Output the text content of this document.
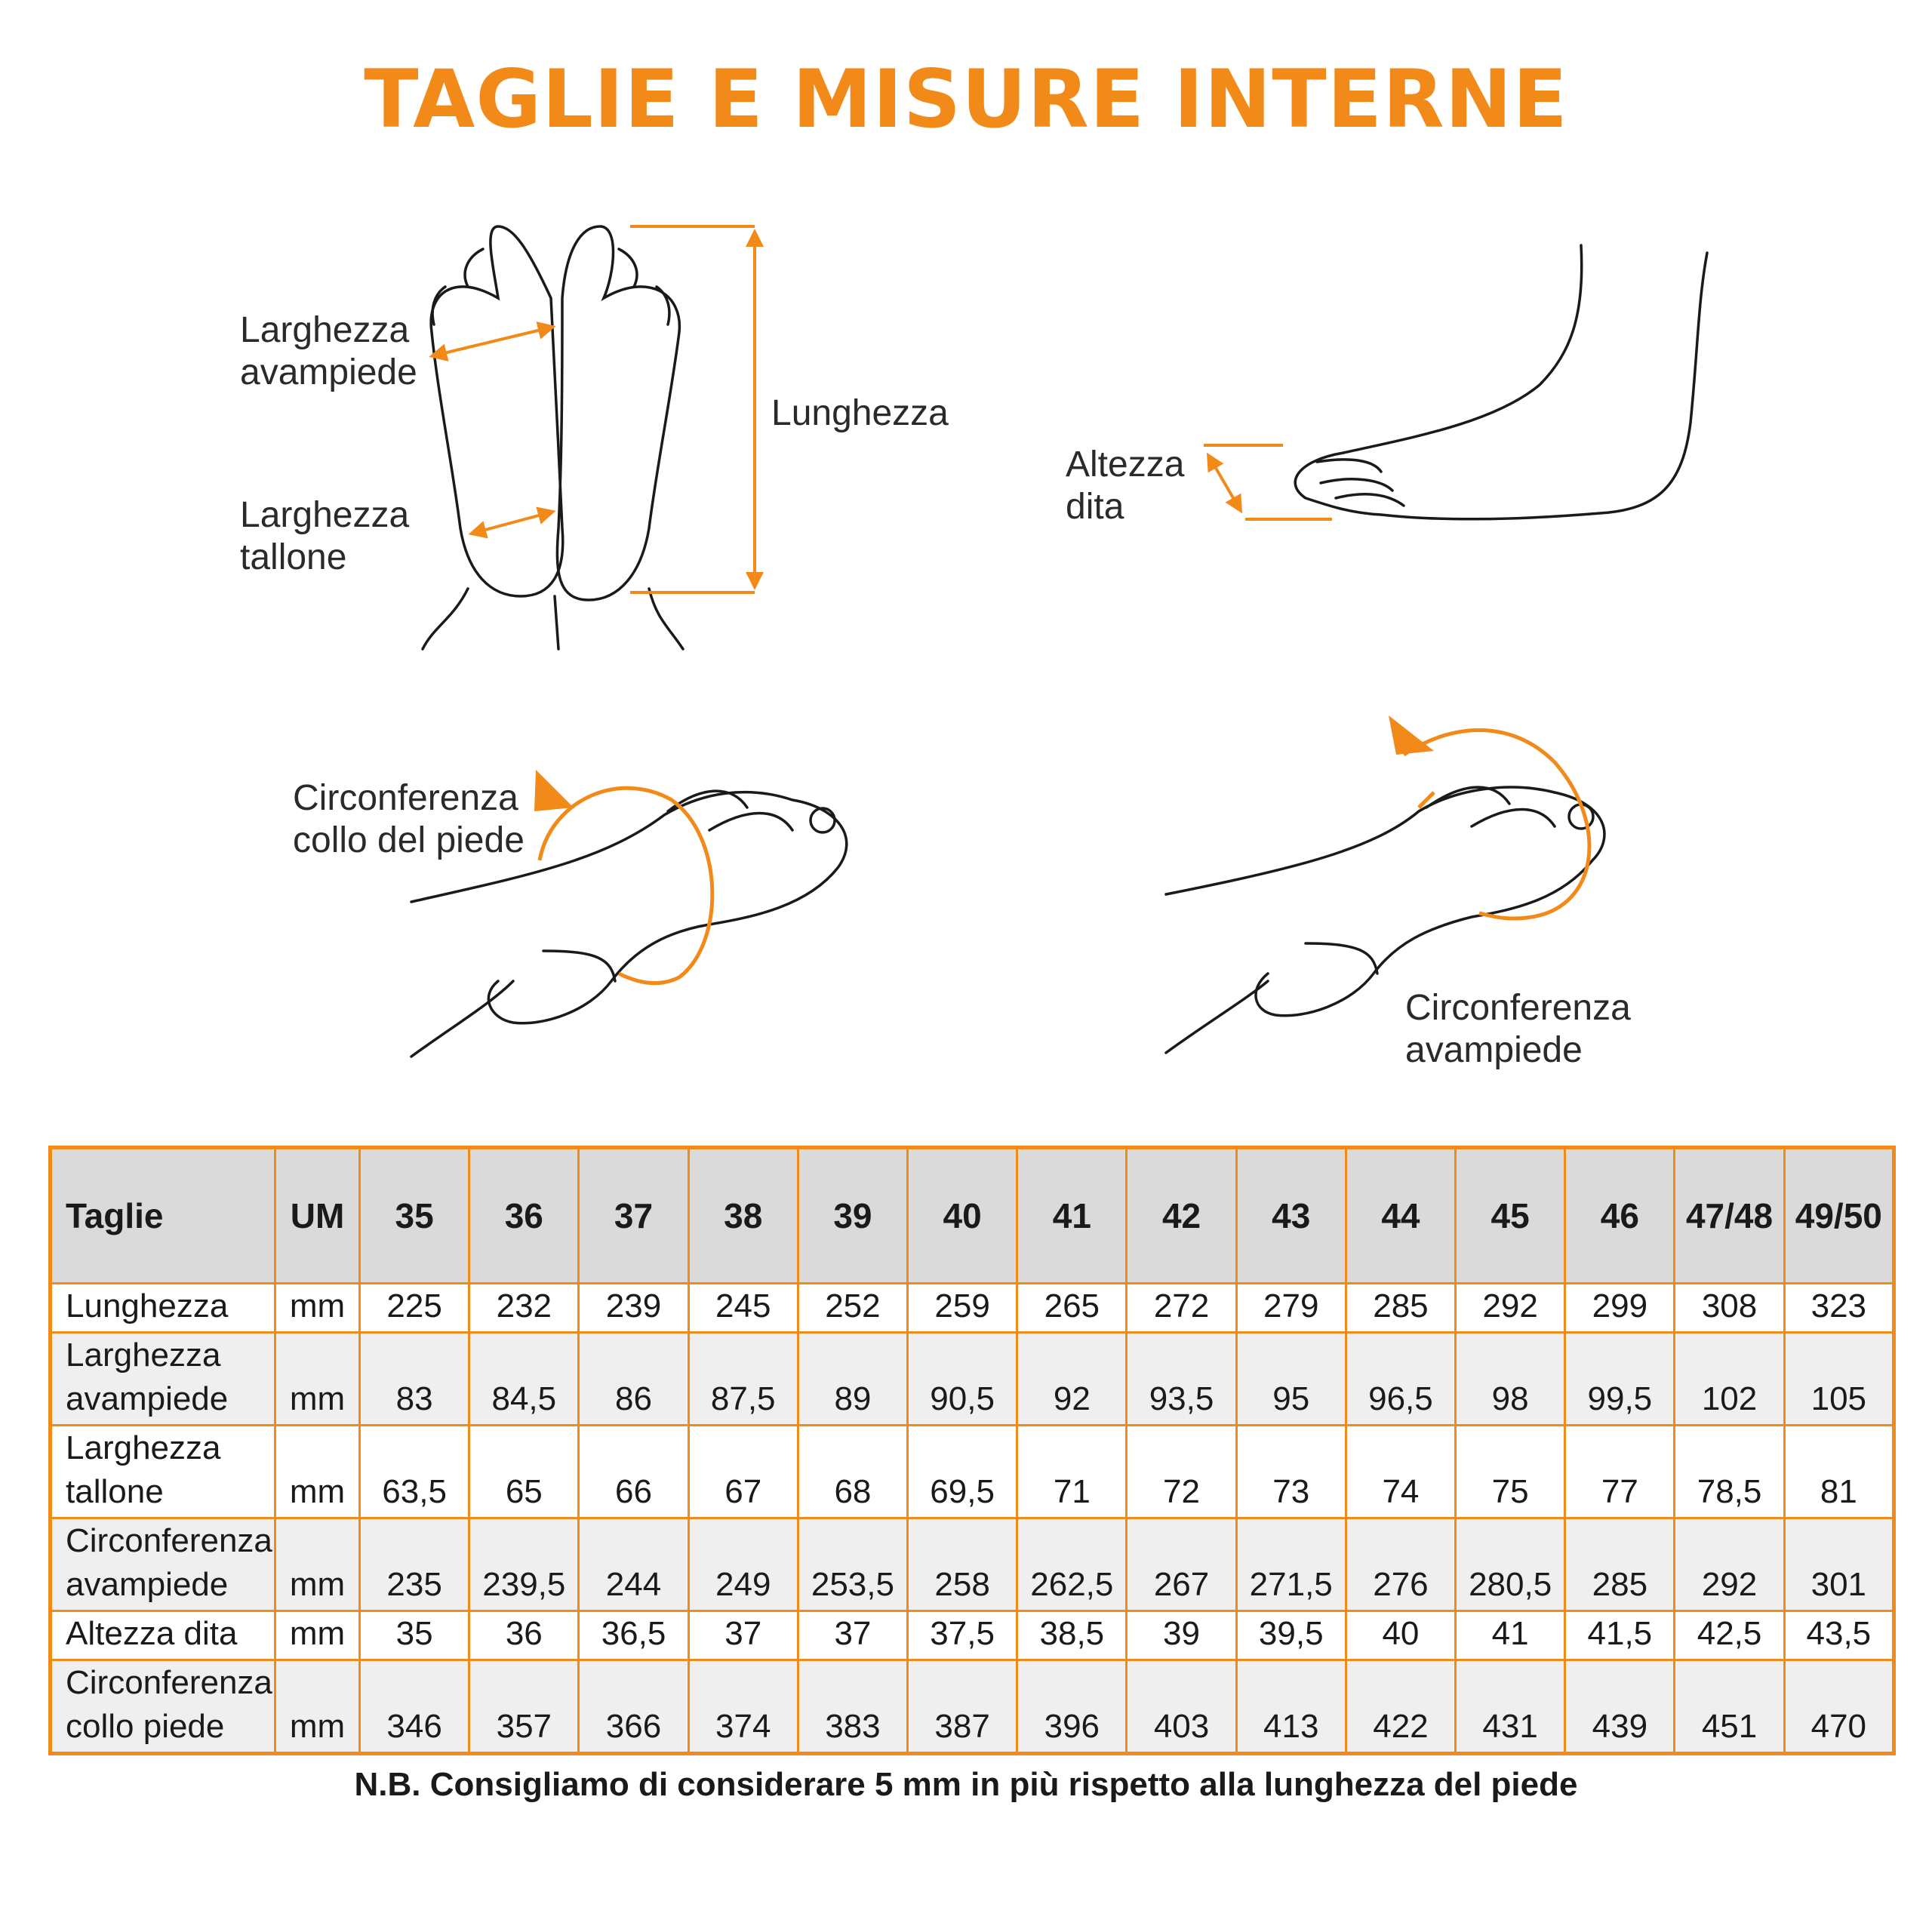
TAGLIE E MISURE INTERNE
Larghezza
avampiede
Larghezza
tallone
Lunghezza
Altezza
dita
Circonferenza
collo del piede
Circonferenza
avampiede
Taglie	UM	35	36	37	38	39	40	41	42	43	44	45	46	47/48	49/50
Lunghezza	mm	225	232	239	245	252	259	265	272	279	285	292	299	308	323
Larghezza avampiede	mm	83	84,5	86	87,5	89	90,5	92	93,5	95	96,5	98	99,5	102	105
Larghezza tallone	mm	63,5	65	66	67	68	69,5	71	72	73	74	75	77	78,5	81
Circonferenza avampiede	mm	235	239,5	244	249	253,5	258	262,5	267	271,5	276	280,5	285	292	301
Altezza dita	mm	35	36	36,5	37	37	37,5	38,5	39	39,5	40	41	41,5	42,5	43,5
Circonferenza collo piede	mm	346	357	366	374	383	387	396	403	413	422	431	439	451	470
N.B. Consigliamo di considerare 5 mm in più rispetto alla lunghezza del piede
